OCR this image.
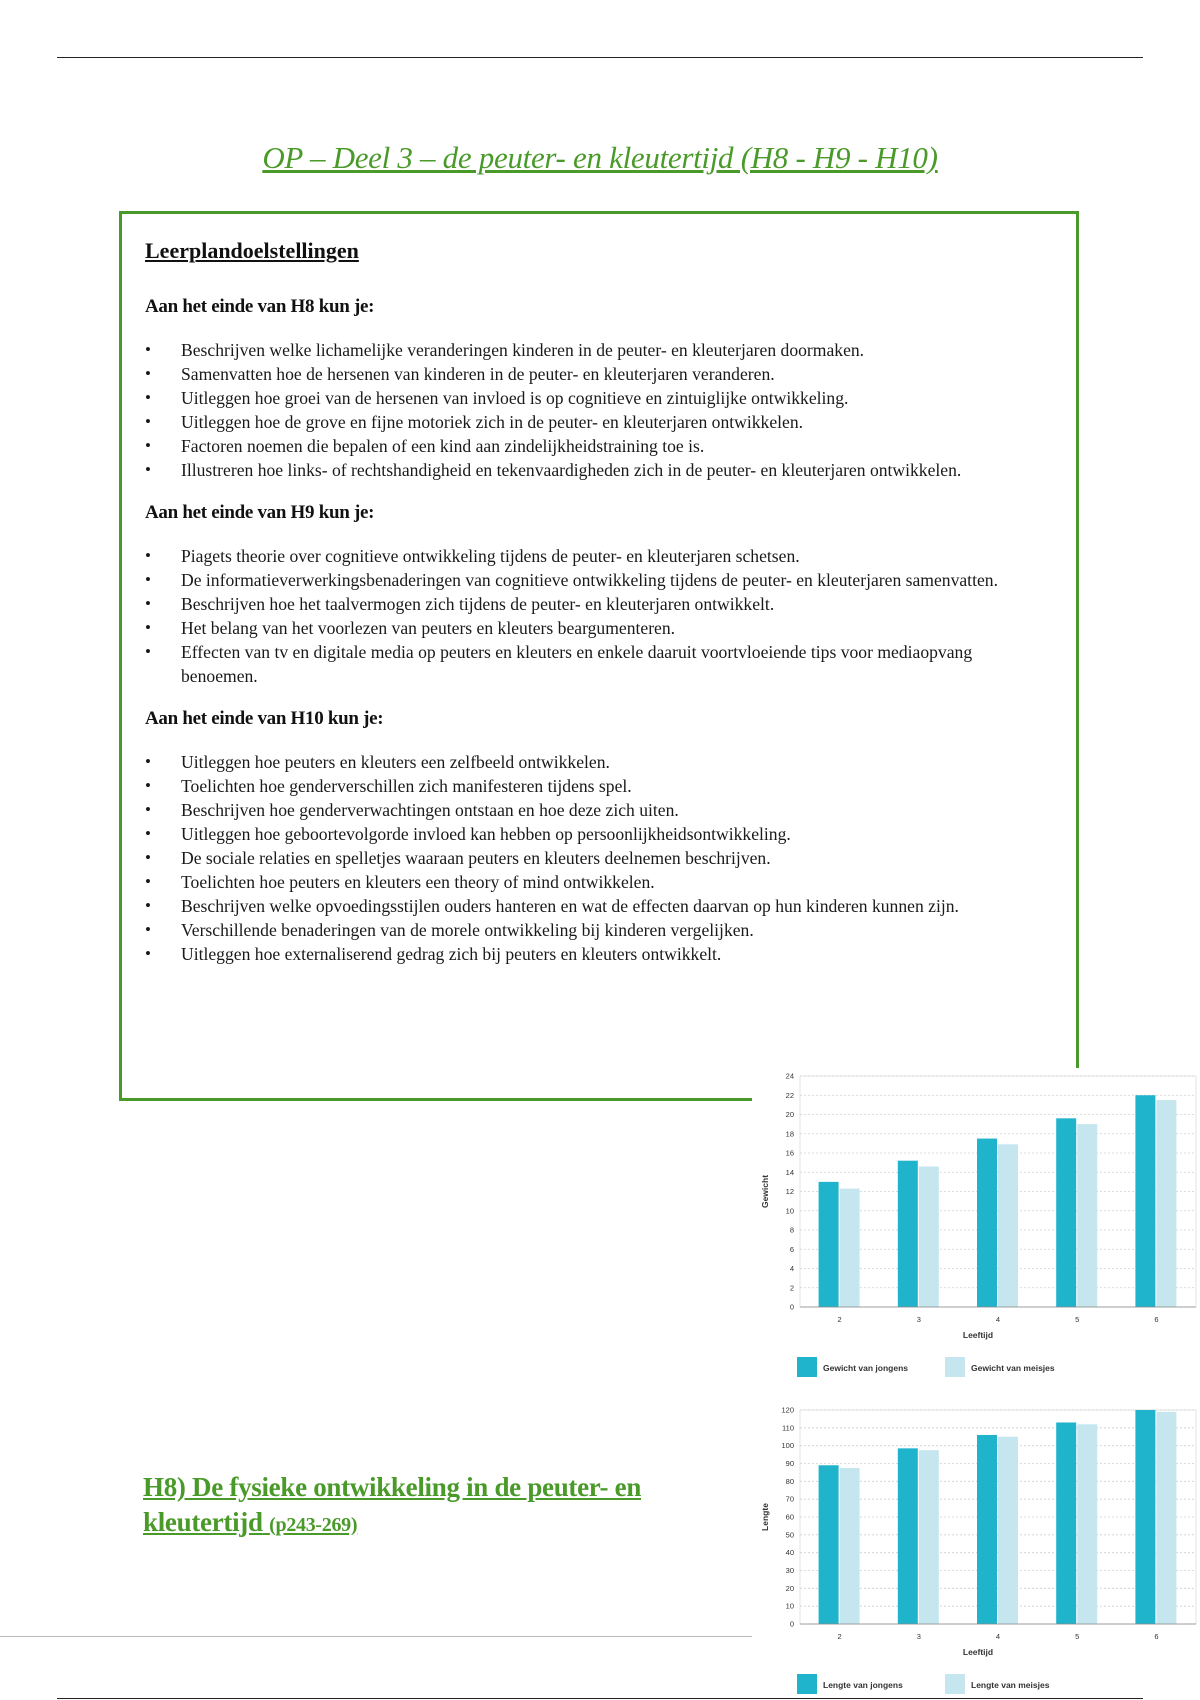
OP – Deel 3 – de peuter- en kleutertijd (H8 - H9 - H10)
Leerplandoelstellingen
Aan het einde van H8 kun je:
• Beschrijven welke lichamelijke veranderingen kinderen in de peuter- en kleuterjaren doormaken.
• Samenvatten hoe de hersenen van kinderen in de peuter- en kleuterjaren veranderen.
• Uitleggen hoe groei van de hersenen van invloed is op cognitieve en zintuiglijke ontwikkeling.
• Uitleggen hoe de grove en fijne motoriek zich in de peuter- en kleuterjaren ontwikkelen.
• Factoren noemen die bepalen of een kind aan zindelijkheidstraining toe is.
• Illustreren hoe links- of rechtshandigheid en tekenvaardigheden zich in de peuter- en kleuterjaren ontwikkelen.
Aan het einde van H9 kun je:
• Piagets theorie over cognitieve ontwikkeling tijdens de peuter- en kleuterjaren schetsen.
• De informatieverwerkingsbenaderingen van cognitieve ontwikkeling tijdens de peuter- en kleuterjaren samenvatten.
• Beschrijven hoe het taalvermogen zich tijdens de peuter- en kleuterjaren ontwikkelt.
• Het belang van het voorlezen van peuters en kleuters beargumenteren.
• Effecten van tv en digitale media op peuters en kleuters en enkele daaruit voortvloeiende tips voor mediaopvang benoemen.
Aan het einde van H10 kun je:
• Uitleggen hoe peuters en kleuters een zelfbeeld ontwikkelen.
• Toelichten hoe genderverschillen zich manifesteren tijdens spel.
• Beschrijven hoe genderverwachtingen ontstaan en hoe deze zich uiten.
• Uitleggen hoe geboortevolgorde invloed kan hebben op persoonlijkheidsontwikkeling.
• De sociale relaties en spelletjes waaraan peuters en kleuters deelnemen beschrijven.
• Toelichten hoe peuters en kleuters een theory of mind ontwikkelen.
• Beschrijven welke opvoedingsstijlen ouders hanteren en wat de effecten daarvan op hun kinderen kunnen zijn.
• Verschillende benaderingen van de morele ontwikkeling bij kinderen vergelijken.
• Uitleggen hoe externaliserend gedrag zich bij peuters en kleuters ontwikkelt.
0
2
4
6
8
10
12
14
16
18
20
22
24
2	3	4	5	6
Leeftijd
Gewicht
Gewicht van jongens	Gewicht van meisjes
0
10
20
30
40
50
60
70
80
90
100
110
120
2	3	4	5	6
Leeftijd
Lengte
Lengte van jongens	Lengte van meisjes
H8) De fysieke ontwikkeling in de peuter- en kleutertijd (p243-269)
